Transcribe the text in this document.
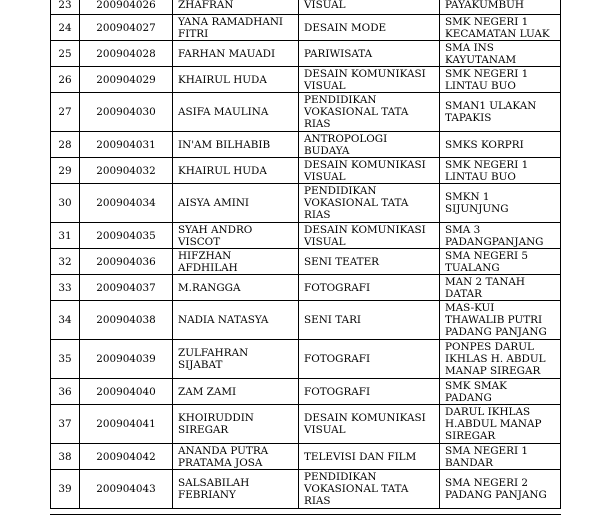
23	200904026	ZHAFRAN	VISUAL	PAYAKUMBUH
24	200904027	YANA RAMADHANI FITRI	DESAIN MODE	SMK NEGERI 1 KECAMATAN LUAK
25	200904028	FARHAN MAUADI	PARIWISATA	SMA INS KAYUTANAM
26	200904029	KHAIRUL HUDA	DESAIN KOMUNIKASI VISUAL	SMK NEGERI 1 LINTAU BUO
27	200904030	ASIFA MAULINA	PENDIDIKAN VOKASIONAL TATA RIAS	SMAN1 ULAKAN TAPAKIS
28	200904031	IN'AM BILHABIB	ANTROPOLOGI BUDAYA	SMKS KORPRI
29	200904032	KHAIRUL HUDA	DESAIN KOMUNIKASI VISUAL	SMK NEGERI 1 LINTAU BUO
30	200904034	AISYA AMINI	PENDIDIKAN VOKASIONAL TATA RIAS	SMKN 1 SIJUNJUNG
31	200904035	SYAH ANDRO VISCOT	DESAIN KOMUNIKASI VISUAL	SMA 3 PADANGPANJANG
32	200904036	HIFZHAN AFDHILAH	SENI TEATER	SMA NEGERI 5 TUALANG
33	200904037	M.RANGGA	FOTOGRAFI	MAN 2 TANAH DATAR
34	200904038	NADIA NATASYA	SENI TARI	MAS-KUI THAWALIB PUTRI PADANG PANJANG
35	200904039	ZULFAHRAN SIJABAT	FOTOGRAFI	PONPES DARUL IKHLAS H. ABDUL MANAP SIREGAR
36	200904040	ZAM ZAMI	FOTOGRAFI	SMK SMAK PADANG
37	200904041	KHOIRUDDIN SIREGAR	DESAIN KOMUNIKASI VISUAL	DARUL IKHLAS H.ABDUL MANAP SIREGAR
38	200904042	ANANDA PUTRA PRATAMA JOSA	TELEVISI DAN FILM	SMA NEGERI 1 BANDAR
39	200904043	SALSABILAH FEBRIANY	PENDIDIKAN VOKASIONAL TATA RIAS	SMA NEGERI 2 PADANG PANJANG
